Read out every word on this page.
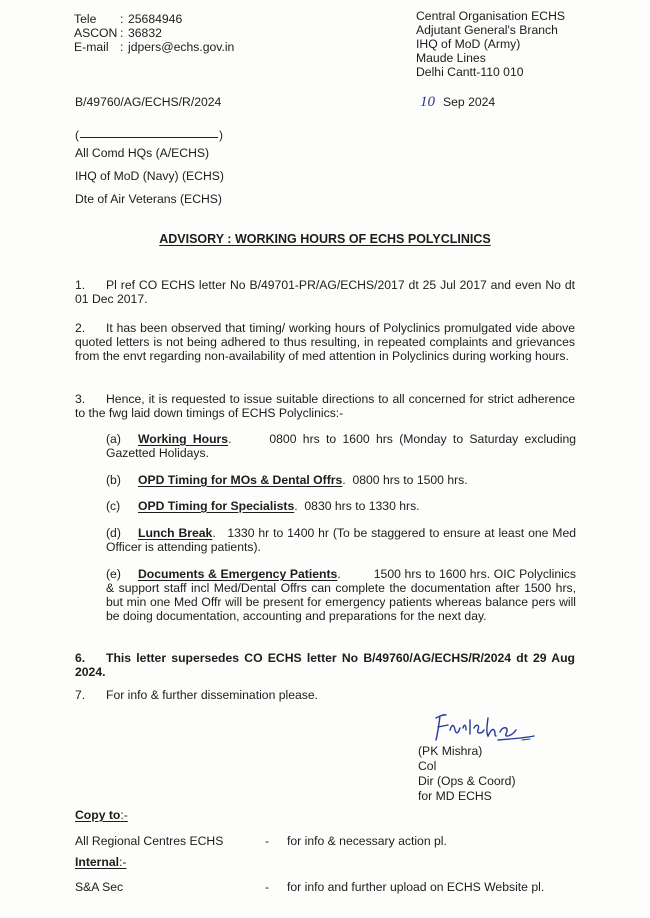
Tele	: 25684946
ASCON : 36832
E-mail : jdpers@echs.gov.in
Central Organisation ECHS
Adjutant General's Branch
IHQ of MoD (Army)
Maude Lines
Delhi Cantt-110 010
B/49760/AG/ECHS/R/2024	10 Sep 2024
(	)
All Comd HQs (A/ECHS)
IHQ of MoD (Navy) (ECHS)
Dte of Air Veterans (ECHS)
ADVISORY : WORKING HOURS OF ECHS POLYCLINICS
1. Pl ref CO ECHS letter No B/49701-PR/AG/ECHS/2017 dt 25 Jul 2017 and even No dt 01 Dec 2017.
2. It has been observed that timing/ working hours of Polyclinics promulgated vide above quoted letters is not being adhered to thus resulting, in repeated complaints and grievances from the envt regarding non-availability of med attention in Polyclinics during working hours.
3. Hence, it is requested to issue suitable directions to all concerned for strict adherence to the fwg laid down timings of ECHS Polyclinics:-
(a) Working Hours.      0800 hrs to 1600 hrs (Monday to Saturday excluding Gazetted Holidays.
(b) OPD Timing for MOs & Dental Offrs.  0800 hrs to 1500 hrs.
(c) OPD Timing for Specialists.  0830 hrs to 1330 hrs.
(d) Lunch Break.   1330 hr to 1400 hr (To be staggered to ensure at least one Med Officer is attending patients).
(e) Documents & Emergency Patients.         1500 hrs to 1600 hrs. OIC Polyclinics & support staff incl Med/Dental Offrs can complete the documentation after 1500 hrs, but min one Med Offr will be present for emergency patients whereas balance pers will be doing documentation, accounting and preparations for the next day.
6. This letter supersedes CO ECHS letter No B/49760/AG/ECHS/R/2024 dt 29 Aug 2024.
7. For info & further dissemination please.
(PK Mishra)
Col
Dir (Ops & Coord)
for MD ECHS
Copy to:-
All Regional Centres ECHS	-	for info & necessary action pl.
Internal:-
S&A Sec	-	for info and further upload on ECHS Website pl.
